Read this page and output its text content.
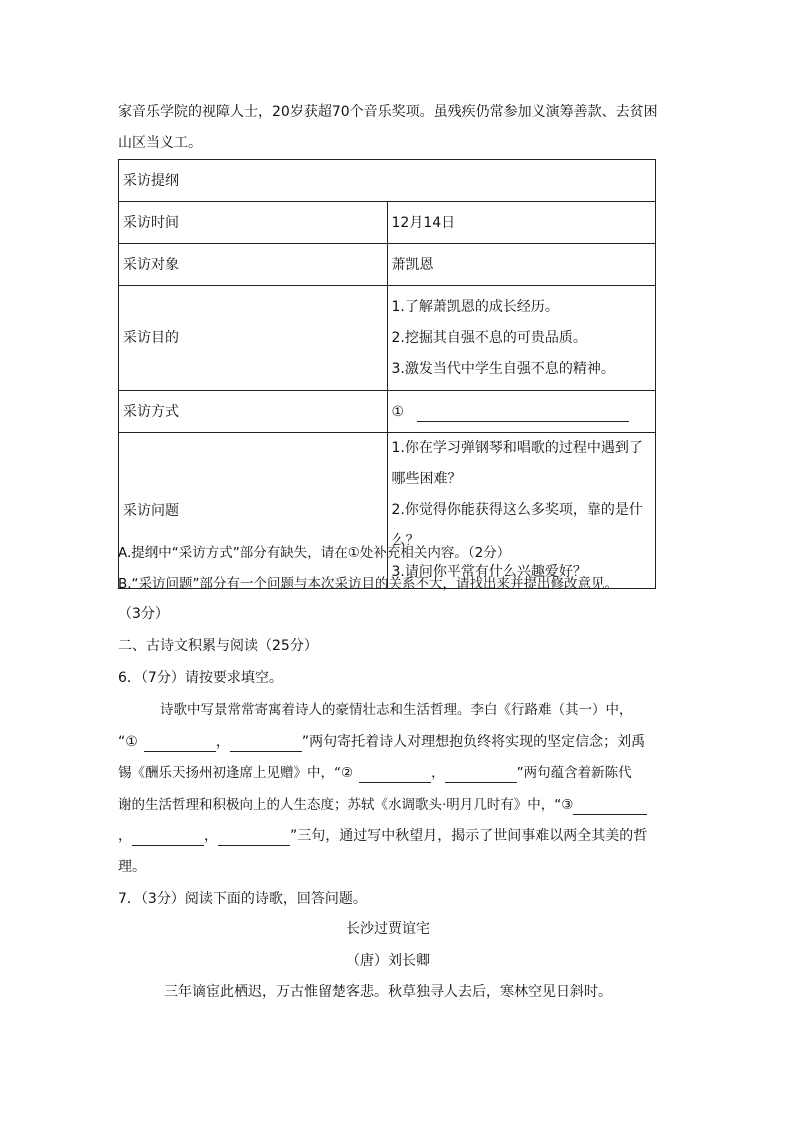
家音乐学院的视障人士，20岁获超70个音乐奖项。虽残疾仍常参加义演筹善款、去贫困
山区当义工。
采访提纲	
采访时间	12月14日
采访对象	萧凯恩
采访目的	1.了解萧凯恩的成长经历。
2.挖掘其自强不息的可贵品质。
3.激发当代中学生自强不息的精神。

采访方式	①
采访问题	1.你在学习弹钢琴和唱歌的过程中遇到了哪些困难？
2.你觉得你能获得这么多奖项，靠的是什么？
3.请问你平常有什么兴趣爱好？
A.提纲中“采访方式”部分有缺失，请在①处补充相关内容。（2分）
B.“采访问题”部分有一个问题与本次采访目的关系不大，请找出来并提出修改意见。
（3分）
二、古诗文积累与阅读（25分）
6．（7分）请按要求填空。
诗歌中写景常常寄寓着诗人的豪情壮志和生活哲理。李白《行路难（其一）中，
“①	，	”两句寄托着诗人对理想抱负终将实现的坚定信念；刘禹
锡《酬乐天扬州初逢席上见赠》中，“②	，	”两句蕴含着新陈代
谢的生活哲理和积极向上的人生态度；苏轼《水调歌头·明月几时有》中，“③
，	，	”三句，通过写中秋望月，揭示了世间事难以两全其美的哲
理。
7．（3分）阅读下面的诗歌，回答问题。
长沙过贾谊宅
（唐）刘长卿
三年谪宦此栖迟，万古惟留楚客悲。秋草独寻人去后，寒林空见日斜时。
